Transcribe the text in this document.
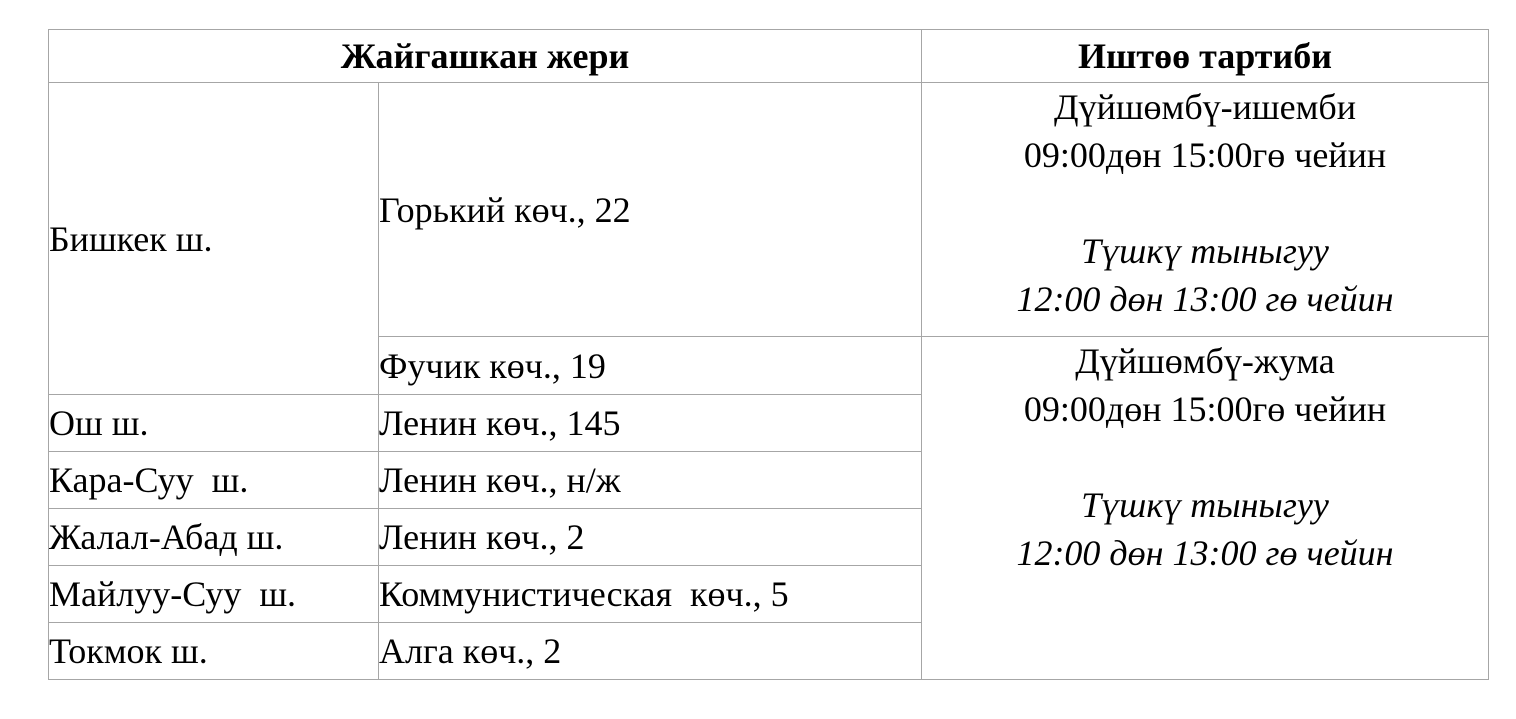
Жайгашкан жери		Иштөө тартиби
Бишкек ш.	Горький көч., 22	Дүйшөмбү-ишемби
09:00дөн 15:00гө чейин
Түшкү тыныгуу
12:00 дөн 13:00 гө чейин

	Фучик көч., 19	Дүйшөмбү-жума
09:00дөн 15:00гө чейин
Түшкү тыныгуу
12:00 дөн 13:00 гө чейин

Ош ш.	Ленин көч., 145	
Кара-Суу  ш.	Ленин көч., н/ж	
Жалал-Абад ш.	Ленин көч., 2	
Майлуу-Суу  ш.	Коммунистическая  көч., 5	
Токмок ш.	Алга көч., 2	
